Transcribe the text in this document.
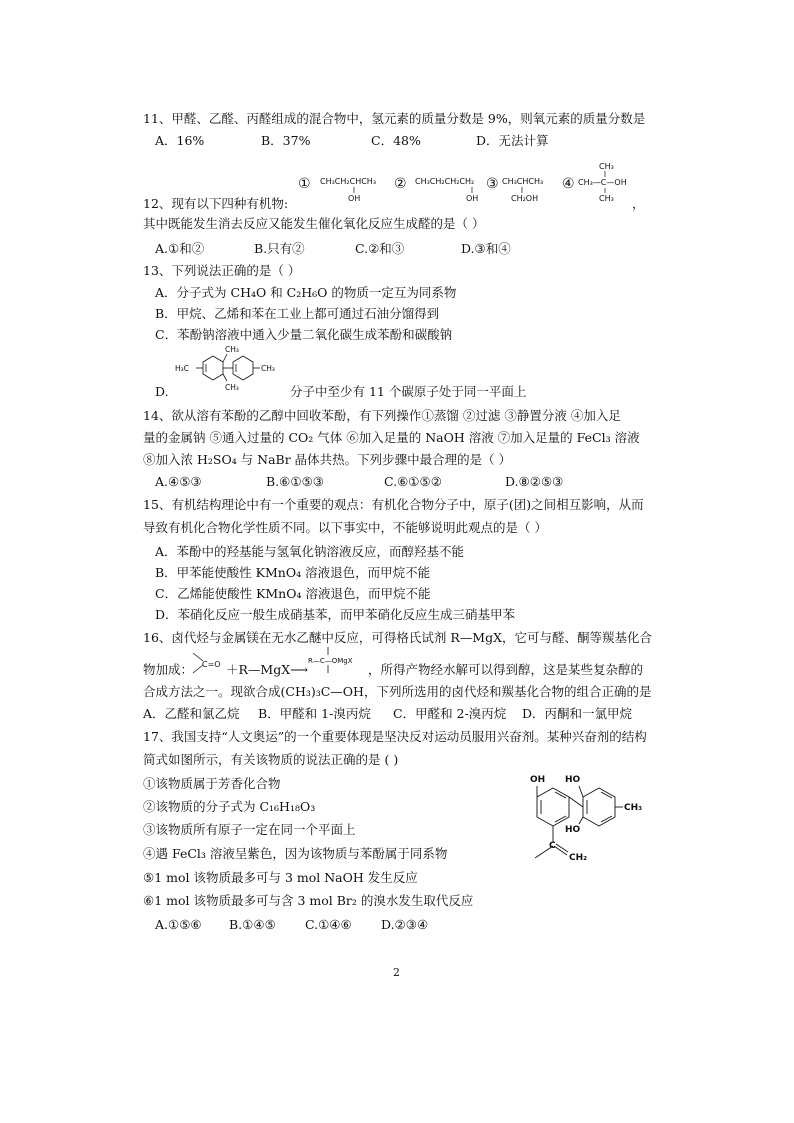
11、甲醛、乙醛、丙醛组成的混合物中，氢元素的质量分数是 9%，则氧元素的质量分数是
A．16%	B．37%	C．48%	D．无法计算
① CH₃CH₂CHCH₃
OH
② CH₃CH₂CH₂CH₂
OH
③ CH₃CHCH₃
CH₂OH
④
CH₃
CH₃—C—OH
CH₃
12、现有以下四种有机物:	，
其中既能发生消去反应又能发生催化氧化反应生成醛的是（ ）
A.①和②	B.只有②	C.②和③	D.③和④
13、下列说法正确的是（ ）
A．分子式为 CH₄O 和 C₂H₆O 的物质一定互为同系物
B．甲烷、乙烯和苯在工业上都可通过石油分馏得到
C．苯酚钠溶液中通入少量二氧化碳生成苯酚和碳酸钠
H₃C
CH₃
CH₃
CH₃
D.	分子中至少有 11 个碳原子处于同一平面上
14、欲从溶有苯酚的乙醇中回收苯酚，有下列操作①蒸馏 ②过滤 ③静置分液 ④加入足
量的金属钠 ⑤通入过量的 CO₂ 气体 ⑥加入足量的 NaOH 溶液 ⑦加入足量的 FeCl₃ 溶液
⑧加入浓 H₂SO₄ 与 NaBr 晶体共热。下列步骤中最合理的是（ ）
A.④⑤③	B.⑥①⑤③	C.⑥①⑤②	D.⑧②⑤③
15、有机结构理论中有一个重要的观点：有机化合物分子中，原子(团)之间相互影响，从而
导致有机化合物化学性质不同。以下事实中，不能够说明此观点的是（ ）
A．苯酚中的羟基能与氢氧化钠溶液反应，而醇羟基不能
B．甲苯能使酸性 KMnO₄ 溶液退色，而甲烷不能
C．乙烯能使酸性 KMnO₄ 溶液退色，而甲烷不能
D．苯硝化反应一般生成硝基苯，而甲苯硝化反应生成三硝基甲苯
16、卤代烃与金属镁在无水乙醚中反应，可得格氏试剂 R—MgX，它可与醛、酮等羰基化合
物加成： C=O ＋R—MgX⟶
R—C—OMgX
，所得产物经水解可以得到醇，这是某些复杂醇的
合成方法之一。现欲合成(CH₃)₃C—OH，下列所选用的卤代烃和羰基化合物的组合正确的是
A．乙醛和氯乙烷 B．甲醛和 1-溴丙烷 C．甲醛和 2-溴丙烷 D．丙酮和一氯甲烷
17、我国支持“人文奥运”的一个重要体现是坚决反对运动员服用兴奋剂。某种兴奋剂的结构
简式如图所示，有关该物质的说法正确的是 ( )
OH HO
HO
CH₃
C
CH₂
①该物质属于芳香化合物
②该物质的分子式为 C₁₆H₁₈O₃
③该物质所有原子一定在同一个平面上
④遇 FeCl₃ 溶液呈紫色，因为该物质与苯酚属于同系物
⑤1 mol 该物质最多可与 3 mol NaOH 发生反应
⑥1 mol 该物质最多可与含 3 mol Br₂ 的溴水发生取代反应
A.①⑤⑥ B.①④⑤ C.①④⑥ D.②③④
2
